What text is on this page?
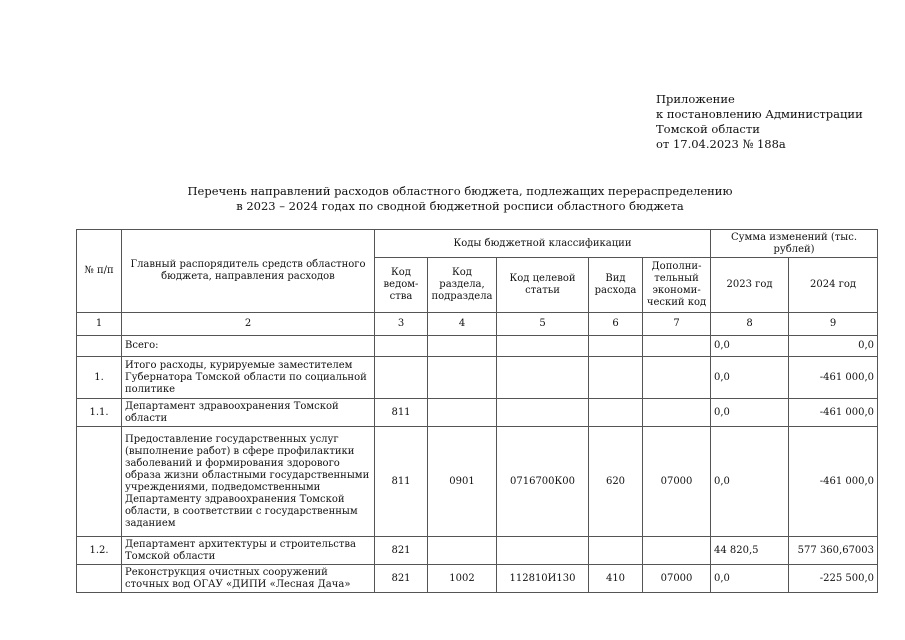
Приложение
к постановлению Администрации
Томской области
от 17.04.2023 № 188а
Перечень направлений расходов областного бюджета, подлежащих перераспределению
в 2023 – 2024 годах по сводной бюджетной росписи областного бюджета
№ п/п	Главный распорядитель средств областного бюджета, направления расходов	Коды бюджетной классификации					Сумма изменений (тыс. рублей)	
		Код ведом-ства	Код раздела, подраздела	Код целевой статьи	Вид расхода	Дополни-тельный экономи-ческий код	2023 год	2024 год
1	2	3	4	5	6	7	8	9
	Всего:						0,0	0,0
1.	Итого расходы, курируемые заместителем Губернатора Томской области по социальной политике						0,0	-461 000,0
1.1.	Департамент здравоохранения Томской области	811					0,0	-461 000,0
	Предоставление государственных услуг (выполнение работ) в сфере профилактики заболеваний и формирования здорового образа жизни областными государственными учреждениями, подведомственными Департаменту здравоохранения Томской области, в соответствии с государственным заданием	811	0901	0716700К00	620	07000	0,0	-461 000,0
1.2.	Департамент архитектуры и строительства Томской области	821					44 820,5	577 360,67003
	Реконструкция очистных сооружений сточных вод ОГАУ «ДИПИ «Лесная Дача»	821	1002	112810И130	410	07000	0,0	-225 500,0
